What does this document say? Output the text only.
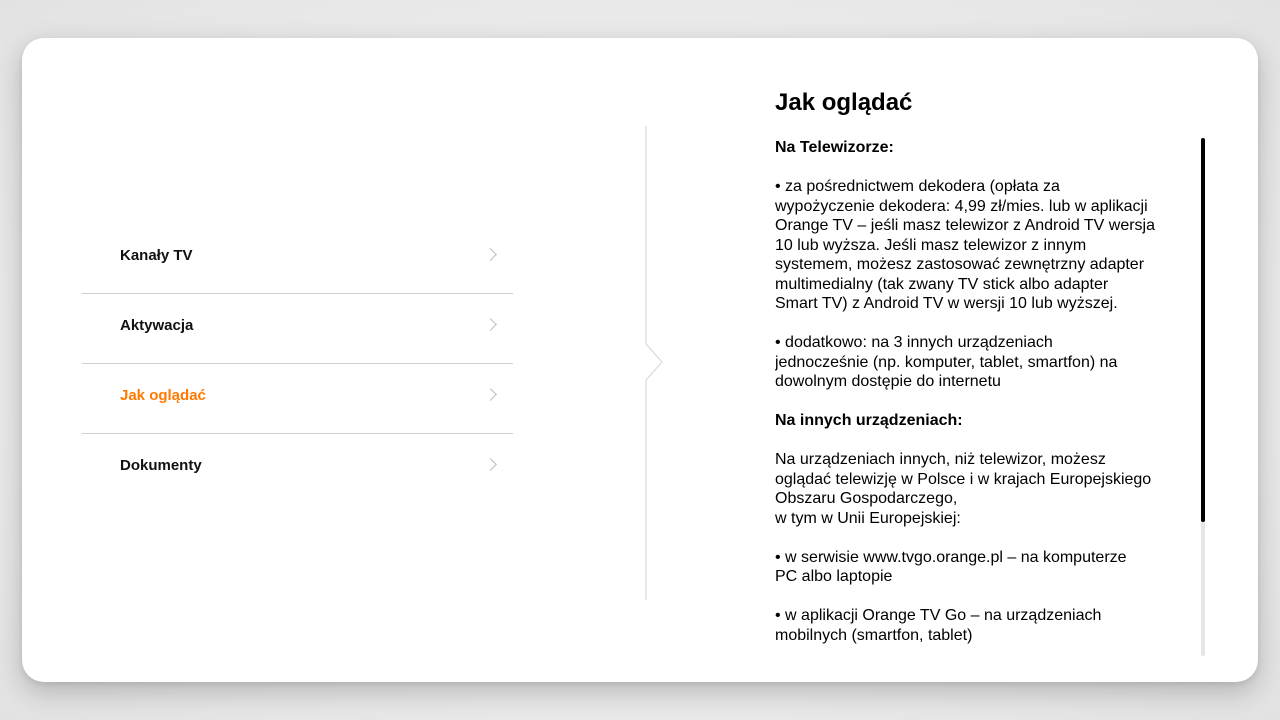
Kanały TV
Aktywacja
Jak oglądać
Dokumenty
Jak oglądać
Na Telewizorze:
• za pośrednictwem dekodera (opłata za
wypożyczenie dekodera: 4,99 zł/mies. lub w aplikacji
Orange TV – jeśli masz telewizor z Android TV wersja
10 lub wyższa. Jeśli masz telewizor z innym
systemem, możesz zastosować zewnętrzny adapter
multimedialny (tak zwany TV stick albo adapter
Smart TV) z Android TV w wersji 10 lub wyższej.
• dodatkowo: na 3 innych urządzeniach
jednocześnie (np. komputer, tablet, smartfon) na
dowolnym dostępie do internetu
Na innych urządzeniach:
Na urządzeniach innych, niż telewizor, możesz
oglądać telewizję w Polsce i w krajach Europejskiego
Obszaru Gospodarczego,
w tym w Unii Europejskiej:
• w serwisie www.tvgo.orange.pl – na komputerze
PC albo laptopie
• w aplikacji Orange TV Go – na urządzeniach
mobilnych (smartfon, tablet)
